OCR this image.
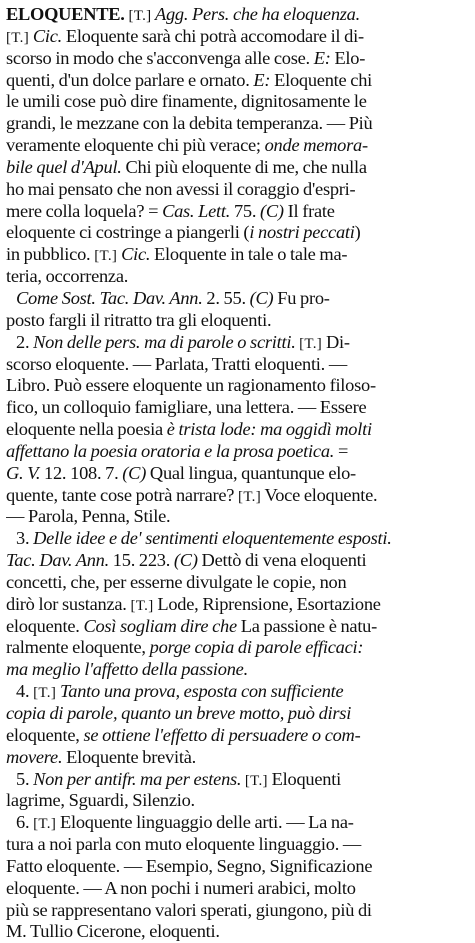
ELOQUENTE. [T.] Agg. Pers. che ha eloquenza.
[T.] Cic. Eloquente sarà chi potrà accomodare il di-
scorso in modo che s'acconvenga alle cose. E: Elo-
quenti, d'un dolce parlare e ornato. E: Eloquente chi
le umili cose può dire finamente, dignitosamente le
grandi, le mezzane con la debita temperanza. — Più
veramente eloquente chi più verace; onde memora-
bile quel d'Apul. Chi più eloquente di me, che nulla
ho mai pensato che non avessi il coraggio d'espri-
mere colla loquela? = Cas. Lett. 75. (C) Il frate
eloquente ci costringe a piangerli (i nostri peccati)
in pubblico. [T.] Cic. Eloquente in tale o tale ma-
teria, occorrenza.
Come Sost. Tac. Dav. Ann. 2. 55. (C) Fu pro-
posto fargli il ritratto tra gli eloquenti.
2. Non delle pers. ma di parole o scritti. [T.] Di-
scorso eloquente. — Parlata, Tratti eloquenti. —
Libro. Può essere eloquente un ragionamento filoso-
fico, un colloquio famigliare, una lettera. — Essere
eloquente nella poesia è trista lode: ma oggidì molti
affettano la poesia oratoria e la prosa poetica. =
G. V. 12. 108. 7. (C) Qual lingua, quantunque elo-
quente, tante cose potrà narrare? [T.] Voce eloquente.
— Parola, Penna, Stile.
3. Delle idee e de' sentimenti eloquentemente esposti.
Tac. Dav. Ann. 15. 223. (C) Dettò di vena eloquenti
concetti, che, per esserne divulgate le copie, non
dirò lor sustanza. [T.] Lode, Riprensione, Esortazione
eloquente. Così sogliam dire che La passione è natu-
ralmente eloquente, porge copia di parole efficaci:
ma meglio l'affetto della passione.
4. [T.] Tanto una prova, esposta con sufficiente
copia di parole, quanto un breve motto, può dirsi
eloquente, se ottiene l'effetto di persuadere o com-
movere. Eloquente brevità.
5. Non per antifr. ma per estens. [T.] Eloquenti
lagrime, Sguardi, Silenzio.
6. [T.] Eloquente linguaggio delle arti. — La na-
tura a noi parla con muto eloquente linguaggio. —
Fatto eloquente. — Esempio, Segno, Significazione
eloquente. — A non pochi i numeri arabici, molto
più se rappresentano valori sperati, giungono, più di
M. Tullio Cicerone, eloquenti.
